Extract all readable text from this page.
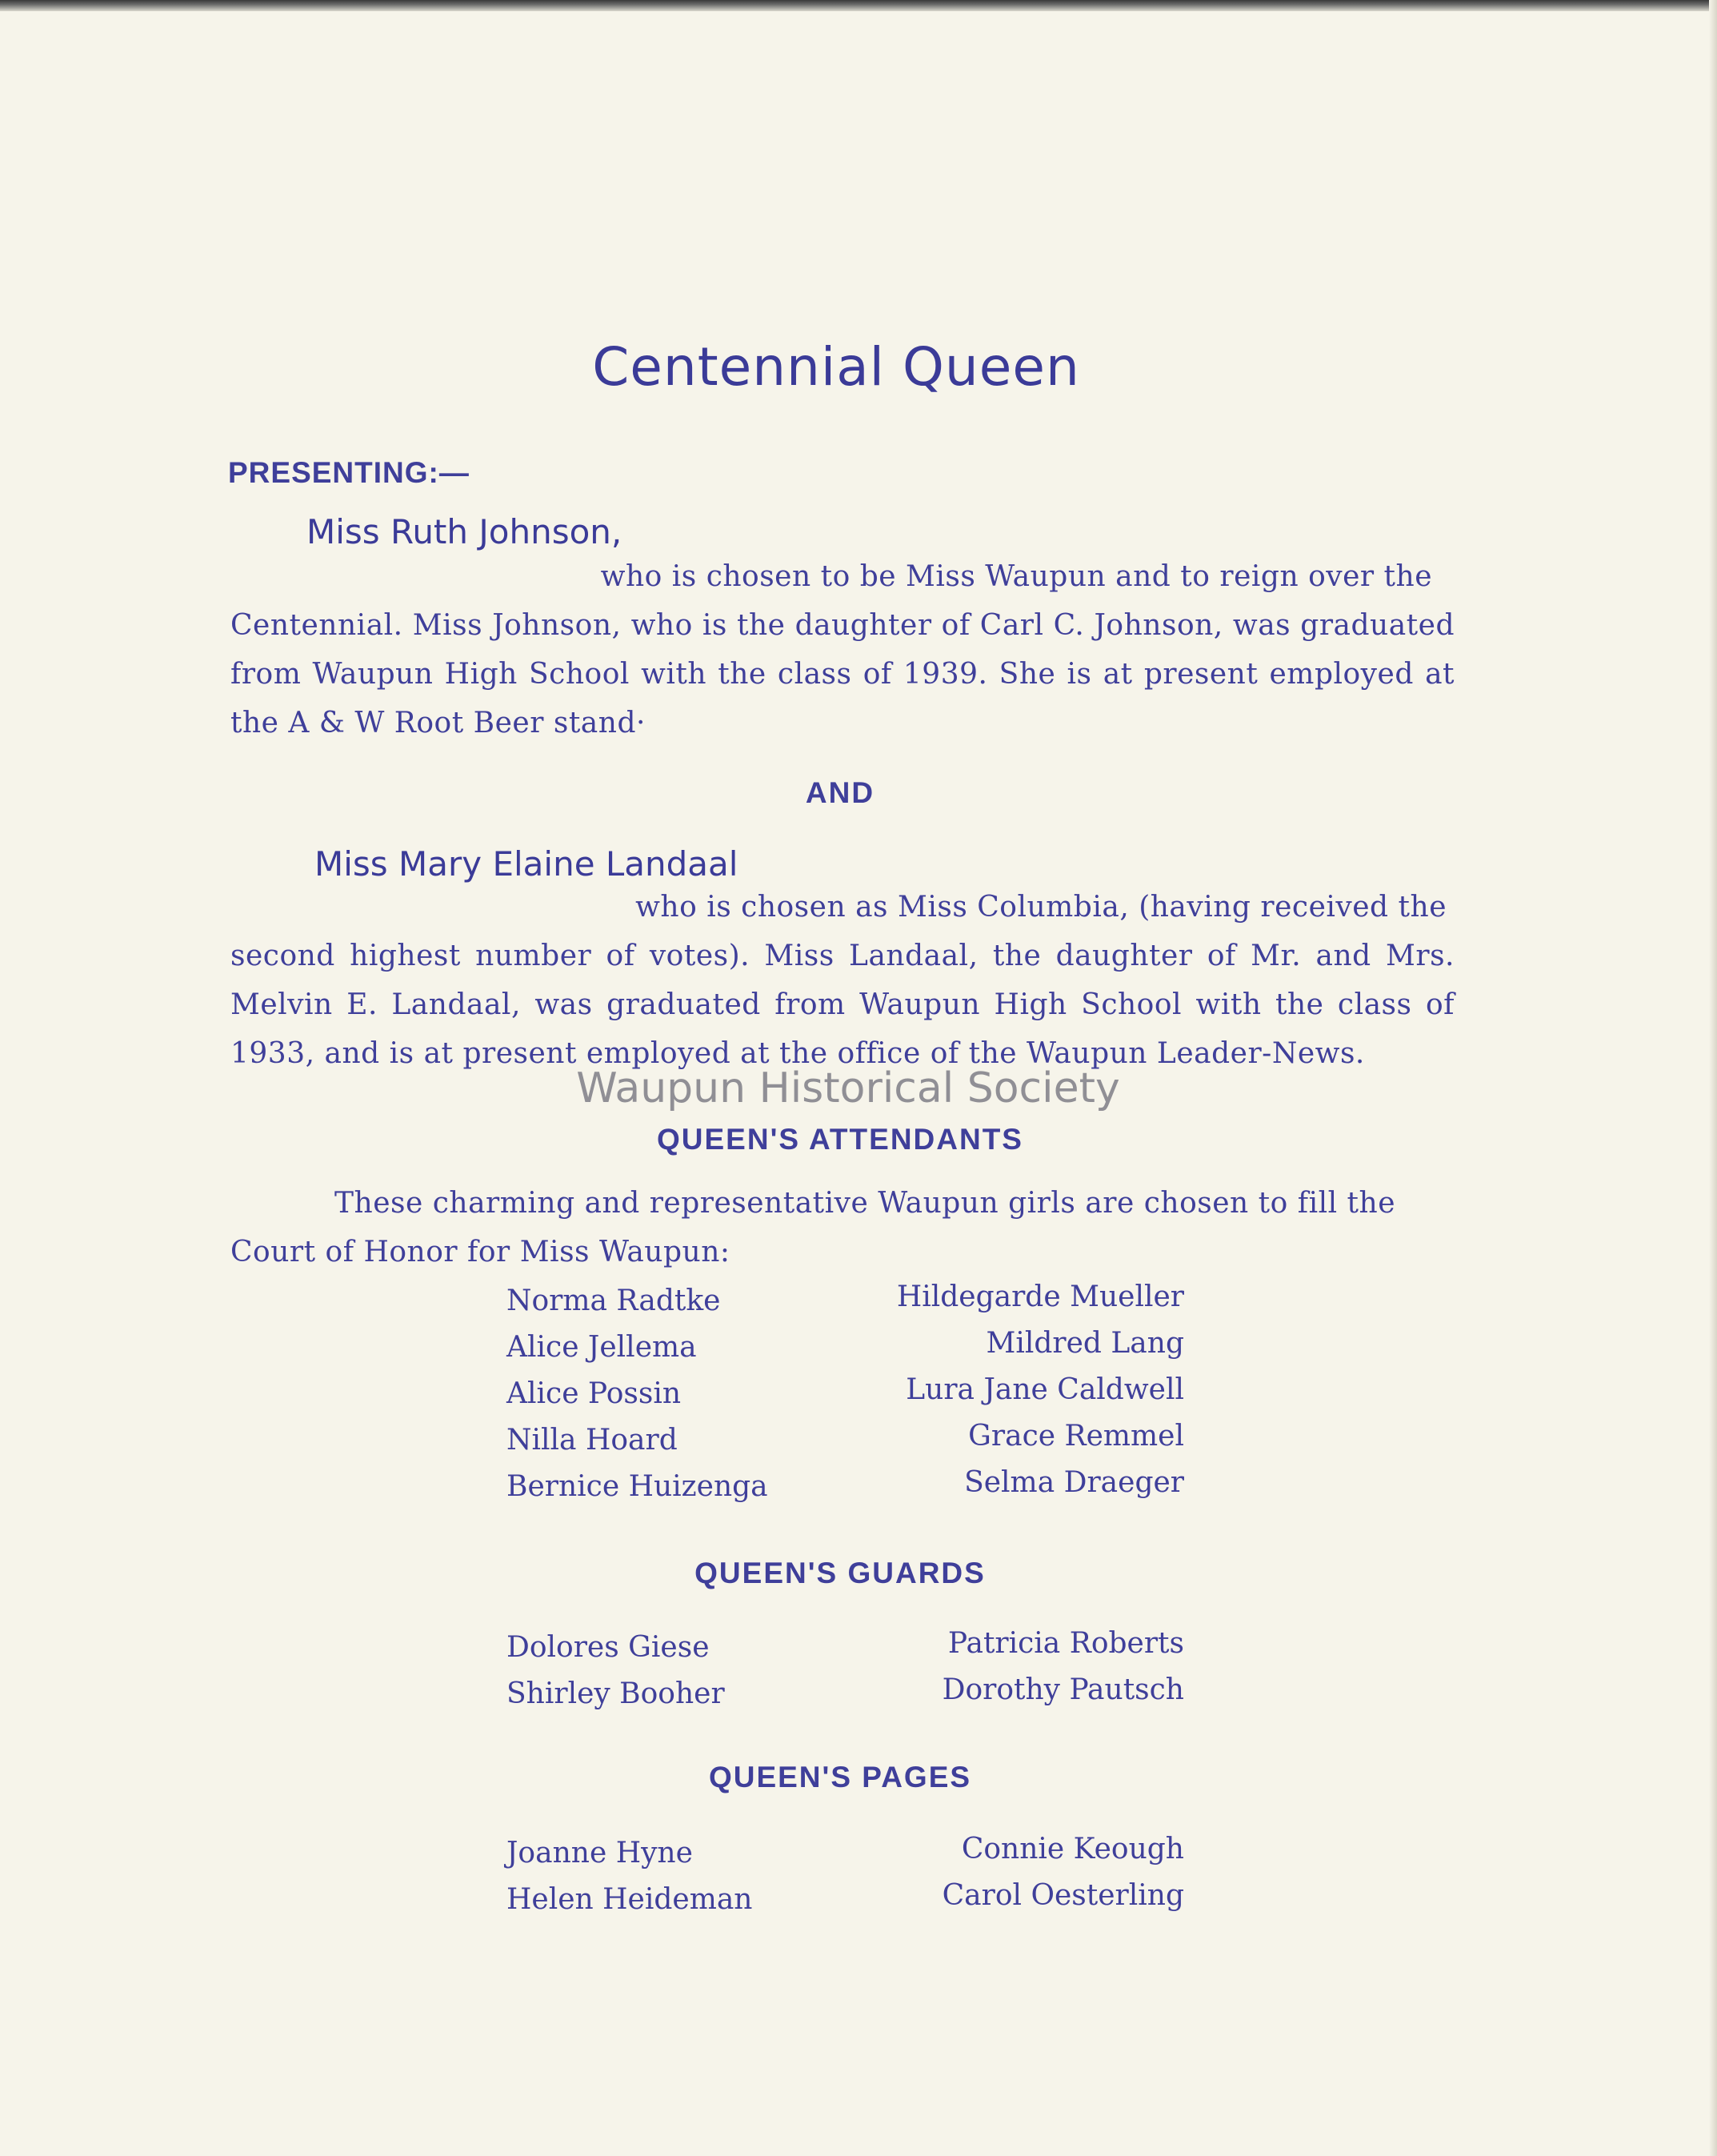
Centennial Queen
PRESENTING:—
Miss Ruth Johnson,
who is chosen to be Miss Waupun and to reign over the
Centennial. Miss Johnson, who is the daughter of Carl C. Johnson, was graduated from Waupun High School with the class of 1939. She is at present employed at the A & W Root Beer stand·
AND
Miss Mary Elaine Landaal
who is chosen as Miss Columbia, (having received the
second highest number of votes). Miss Landaal, the daughter of Mr. and Mrs. Melvin E. Landaal, was graduated from Waupun High School with the class of 1933, and is at present employed at the office of the Waupun Leader-News.
Waupun Historical Society
QUEEN'S ATTENDANTS
These charming and representative Waupun girls are chosen to fill the
Court of Honor for Miss Waupun:
Norma Radtke
Alice Jellema
Alice Possin
Nilla Hoard
Bernice Huizenga
Hildegarde Mueller
Mildred Lang
Lura Jane Caldwell
Grace Remmel
Selma Draeger
QUEEN'S GUARDS
Dolores Giese
Shirley Booher
Patricia Roberts
Dorothy Pautsch
QUEEN'S PAGES
Joanne Hyne
Helen Heideman
Connie Keough
Carol Oesterling
